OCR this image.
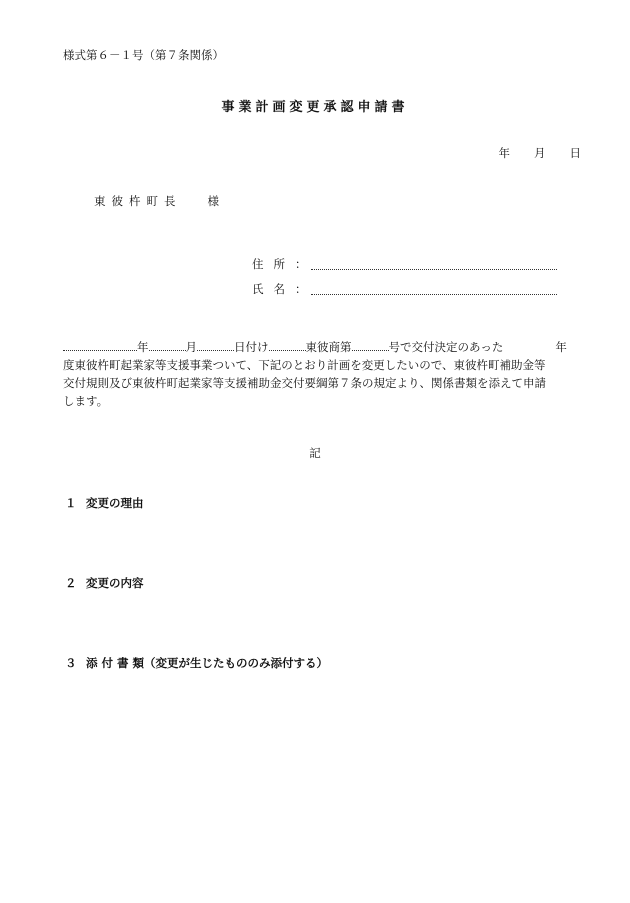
様式第６－１号（第７条関係）
事業計画変更承認申請書
年 月 日
東彼杵町長 様
住所 ：
氏名 ：
年	月	日付け	東彼商第	号で交付決定のあった	年
度東彼杵町起業家等支援事業ついて、下記のとおり計画を変更したいので、東彼杵町補助金等
交付規則及び東彼杵町起業家等支援補助金交付要綱第７条の規定より、関係書類を添えて申請
します。
記
１ 変更の理由
２ 変更の内容
３ 添 付 書 類（変更が生じたもののみ添付する）
